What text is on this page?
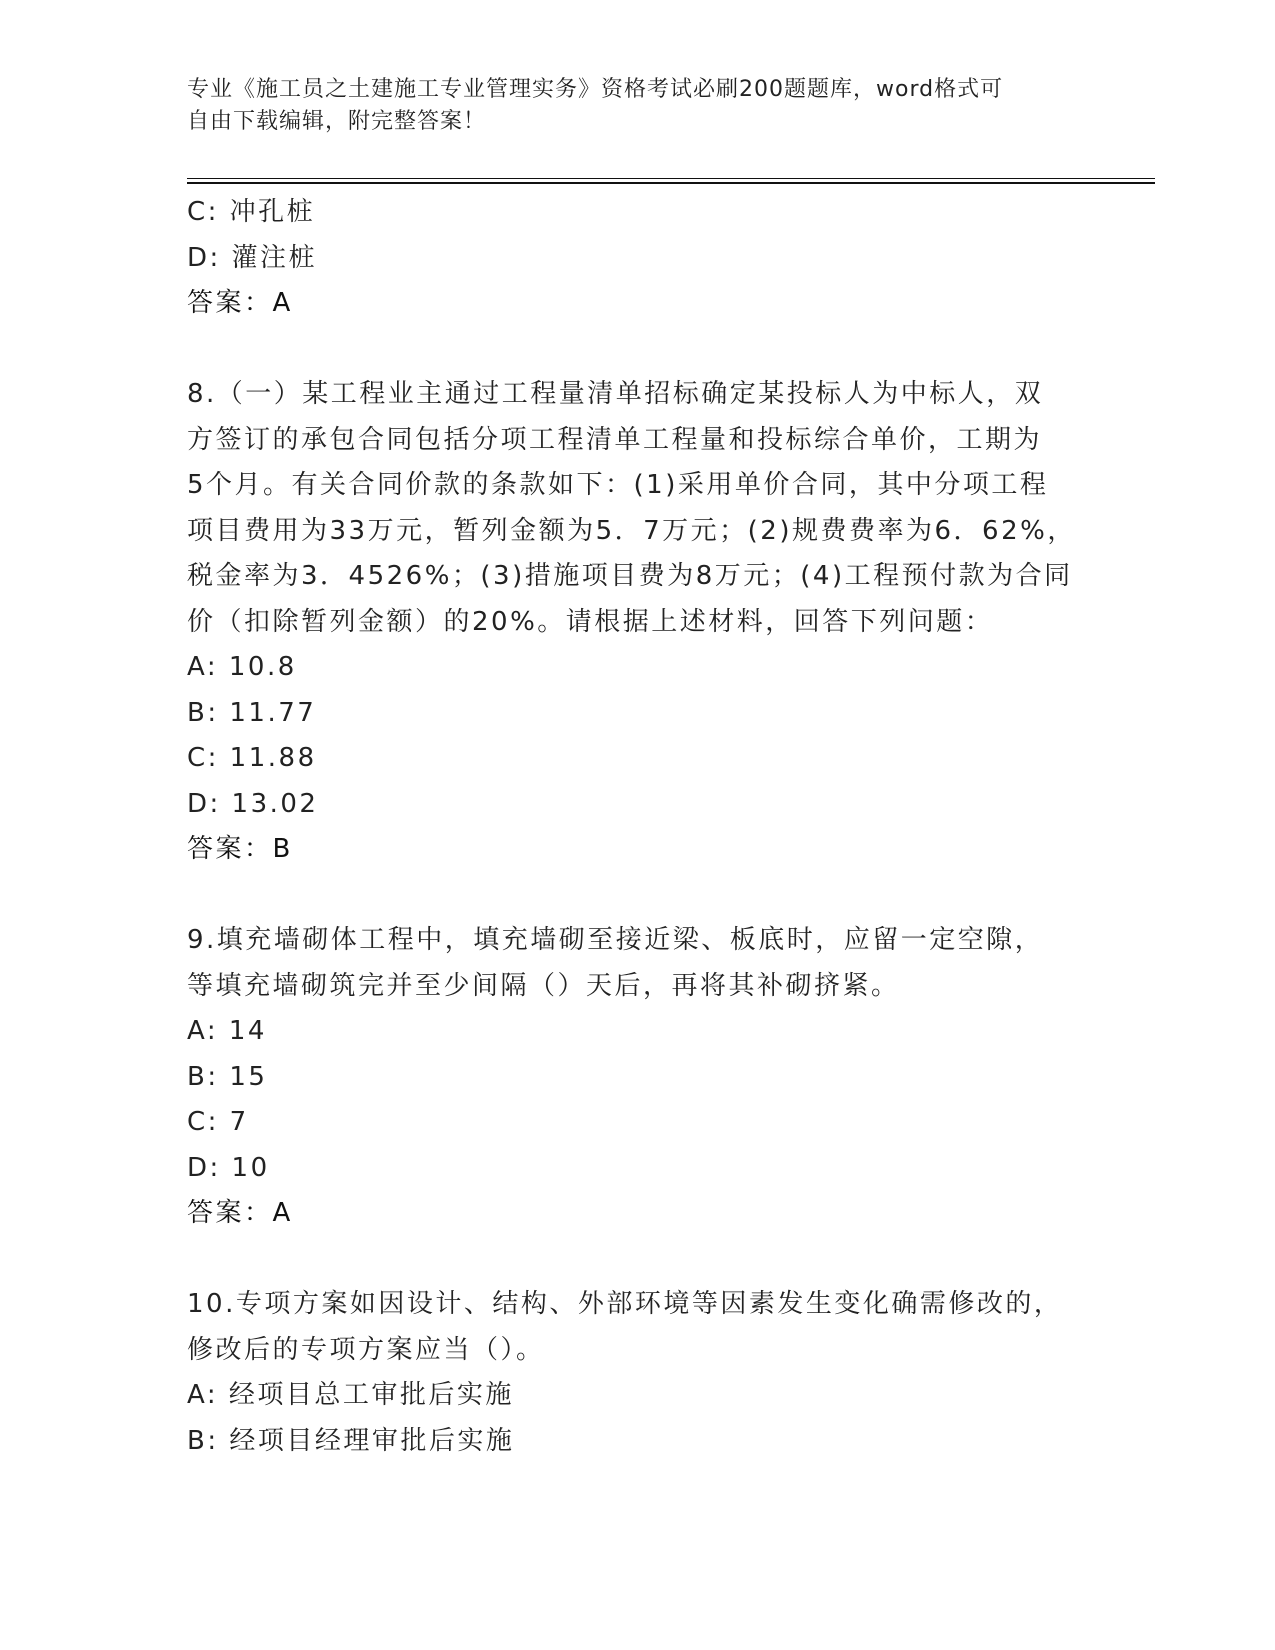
专业《施工员之土建施工专业管理实务》资格考试必刷200题题库，word格式可
自由下载编辑，附完整答案！
C: 冲孔桩
D: 灌注桩
答案：A
8.（一）某工程业主通过工程量清单招标确定某投标人为中标人，双
方签订的承包合同包括分项工程清单工程量和投标综合单价，工期为
5个月。有关合同价款的条款如下：(1)采用单价合同，其中分项工程
项目费用为33万元，暂列金额为5．7万元；(2)规费费率为6．62%，
税金率为3．4526%；(3)措施项目费为8万元；(4)工程预付款为合同
价（扣除暂列金额）的20%。请根据上述材料，回答下列问题：
A: 10.8
B: 11.77
C: 11.88
D: 13.02
答案：B
9.填充墙砌体工程中，填充墙砌至接近梁、板底时，应留一定空隙，
等填充墙砌筑完并至少间隔（）天后，再将其补砌挤紧。
A: 14
B: 15
C: 7
D: 10
答案：A
10.专项方案如因设计、结构、外部环境等因素发生变化确需修改的，
修改后的专项方案应当（）。
A: 经项目总工审批后实施
B: 经项目经理审批后实施
